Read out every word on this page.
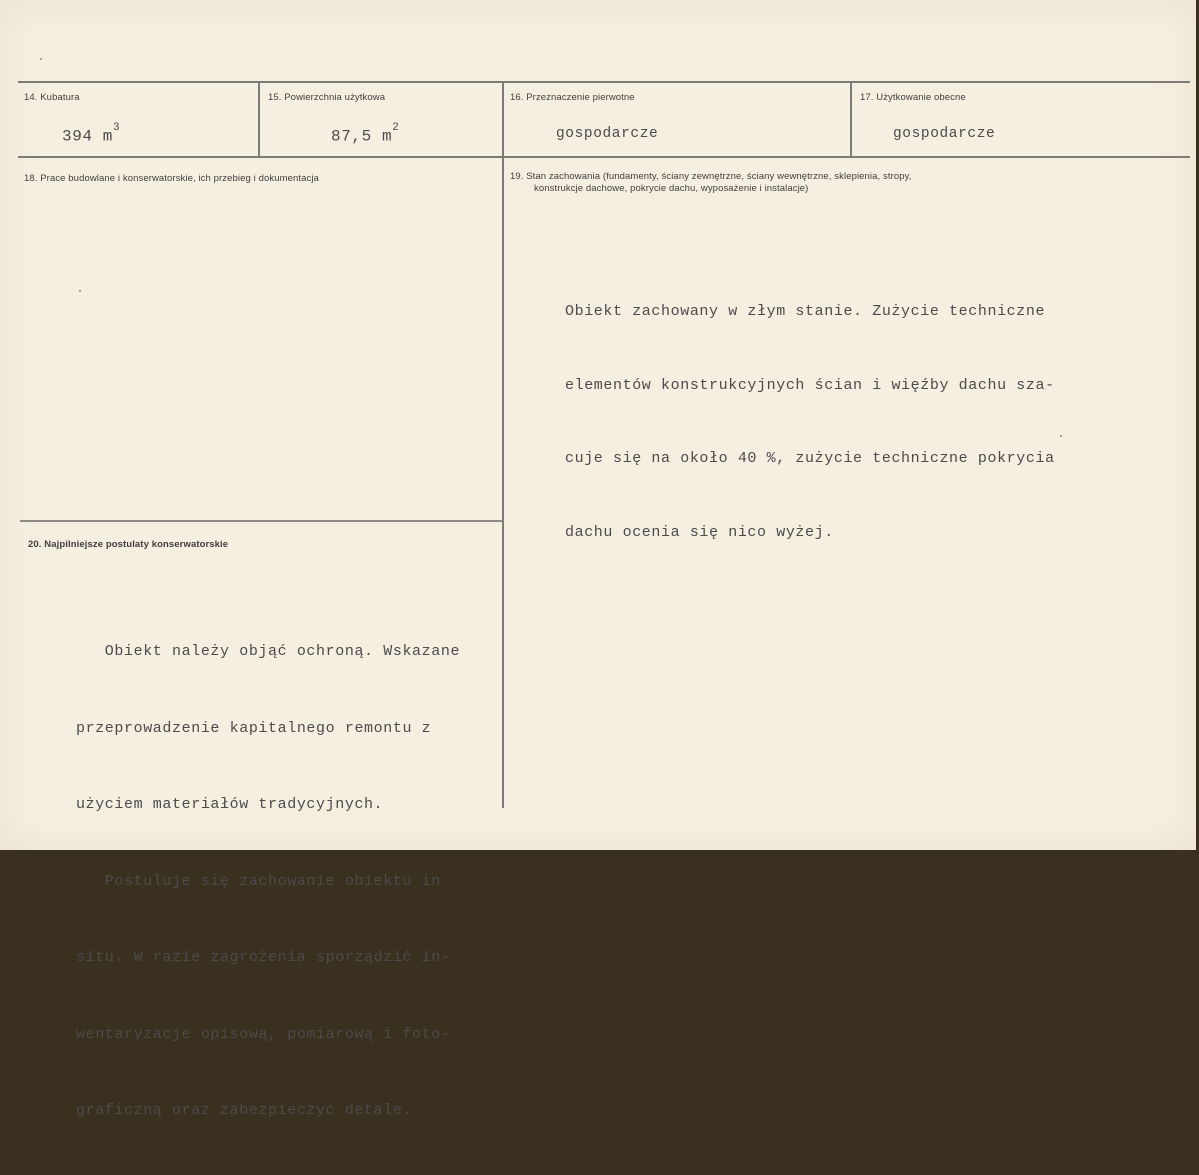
14. Kubatura
394 $m^3$
15. Powierzchnia użytkowa
87,5 $m^2$
16. Przeznaczenie pierwotne
gospodarcze
17. Użytkowanie obecne
gospodarcze
18. Prace budowlane i konserwatorskie, ich przebieg i dokumentacja	19. Stan zachowania (fundamenty, ściany zewnętrzne, ściany wewnętrzne, sklepienia, stropy,
konstrukcje dachowe, pokrycie dachu, wyposażenie i instalacje)

Obiekt zachowany w złym stanie. Zużycie techniczne

elementów konstrukcyjnych ścian i więźby dachu sza-

cuje się na około 40 %, zużycie techniczne pokrycia

dachu ocenia się nico wyżej.

20. Najpilniejsze postulaty konserwatorskie

Obiekt należy objąć ochroną. Wskazane

przeprowadzenie kapitalnego remontu z

użyciem materiałów tradycyjnych.

Postuluje się zachowanie obiektu in

situ. W razie zagrożenia sporządzić in-

wentaryzacje opisową, pomiarową i foto-

graficzną oraz zabezpieczyć detale.
